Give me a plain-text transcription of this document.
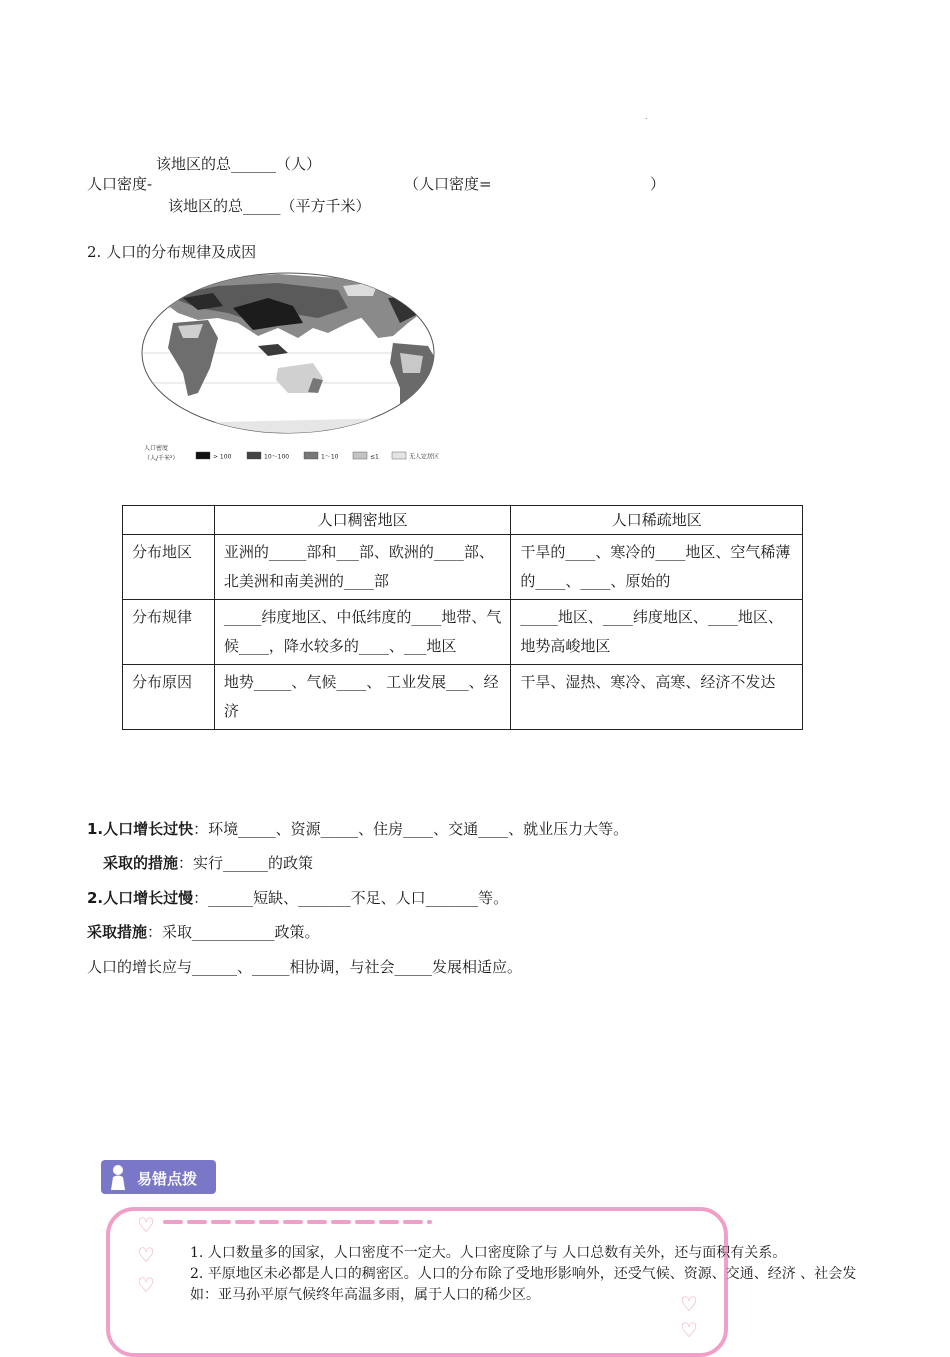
.
该地区的总______（人）
人口密度-	（人口密度=	）
该地区的总_____（平方千米）
2. 人口的分布规律及成因
人口密度
（人/千米²）	> 100	10～100	1～10	≤1	无人定居区
	人口稠密地区	人口稀疏地区
分布地区	亚洲的_____部和___部、欧洲的____部、北美洲和南美洲的____部	干旱的____、寒冷的____地区、空气稀薄的____、____、原始的
分布规律	_____纬度地区、中低纬度的____地带、气候____，降水较多的____、___地区	_____地区、____纬度地区、____地区、地势高峻地区
分布原因	地势_____、气候____、 工业发展___、经济	干旱、湿热、寒冷、高寒、经济不发达
1.人口增长过快：环境_____、资源_____、住房____、交通____、就业压力大等。
采取的措施：实行______的政策
2.人口增长过慢：______短缺、_______不足、人口_______等。
采取措施：采取___________政策。
人口的增长应与______、_____相协调，与社会_____发展相适应。
易错点拨
♡
♡
♡
♡
♡
1. 人口数量多的国家，人口密度不一定大。人口密度除了与 人口总数有关外，还与面积有关系。
2. 平原地区未必都是人口的稠密区。人口的分布除了受地形影响外，还受气候、资源、交通、经济 、社会发
如：亚马孙平原气候终年高温多雨，属于人口的稀少区。
